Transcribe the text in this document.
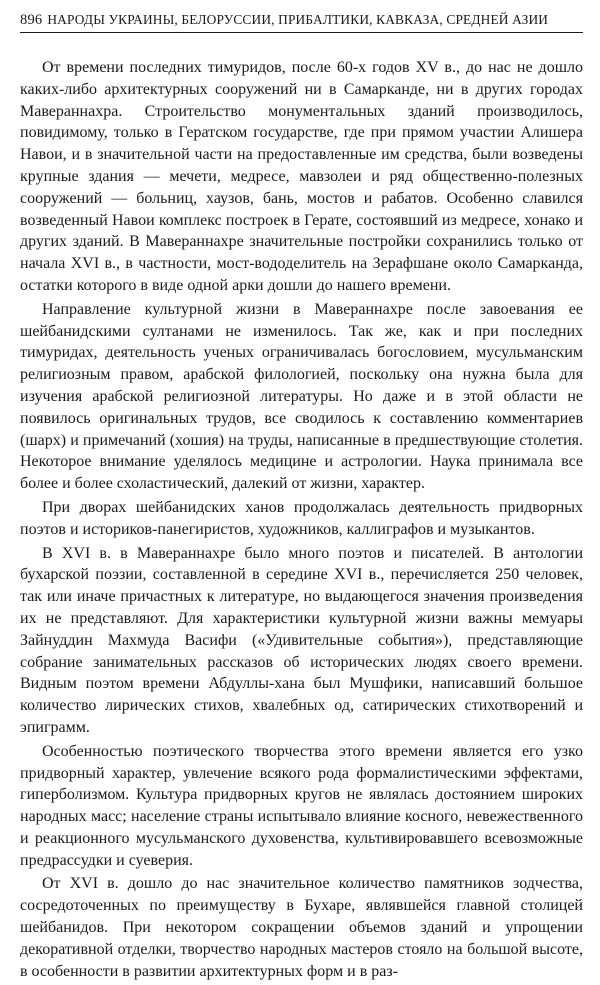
896 НАРОДЫ УКРАИНЫ, БЕЛОРУССИИ, ПРИБАЛТИКИ, КАВКАЗА, СРЕДНЕЙ АЗИИ

От времени последних тимуридов, после 60-х годов XV в., до нас не дошло каких-либо архитектурных сооружений ни в Самарканде, ни в других городах Мавераннахра. Строительство монументальных зданий производилось, повидимому, только в Гератском государстве, где при прямом участии Алишера Навои, и в значительной части на предоставленные им средства, были возведены крупные здания — мечети, медресе, мавзолеи и ряд общественно-полезных сооружений — больниц, хаузов, бань, мостов и рабатов. Особенно славился возведенный Навои комплекс построек в Герате, состоявший из медресе, хонако и других зданий. В Мавераннахре значительные постройки сохранились только от начала XVI в., в частности, мост-вододелитель на Зерафшане около Самарканда, остатки которого в виде одной арки дошли до нашего времени.

Направление культурной жизни в Мавераннахре после завоевания ее шейбанидскими султанами не изменилось. Так же, как и при последних тимуридах, деятельность ученых ограничивалась богословием, мусульманским религиозным правом, арабской филологией, поскольку она нужна была для изучения арабской религиозной литературы. Но даже и в этой области не появилось оригинальных трудов, все сводилось к составлению комментариев (шарх) и примечаний (хошия) на труды, написанные в предшествующие столетия. Некоторое внимание уделялось медицине и астрологии. Наука принимала все более и более схоластический, далекий от жизни, характер.

При дворах шейбанидских ханов продолжалась деятельность придворных поэтов и историков-панегиристов, художников, каллиграфов и музыкантов.

В XVI в. в Мавераннахре было много поэтов и писателей. В антологии бухарской поэзии, составленной в середине XVI в., перечисляется 250 человек, так или иначе причастных к литературе, но выдающегося значения произведения их не представляют. Для характеристики культурной жизни важны мемуары Зайнуддин Махмуда Васифи («Удивительные события»), представляющие собрание занимательных рассказов об исторических людях своего времени. Видным поэтом времени Абдуллы-хана был Мушфики, написавший большое количество лирических стихов, хвалебных од, сатирических стихотворений и эпиграмм.

Особенностью поэтического творчества этого времени является его узко придворный характер, увлечение всякого рода формалистическими эффектами, гиперболизмом. Культура придворных кругов не являлась достоянием широких народных масс; население страны испытывало влияние косного, невежественного и реакционного мусульманского духовенства, культивировавшего всевозможные предрассудки и суеверия.

От XVI в. дошло до нас значительное количество памятников зодчества, сосредоточенных по преимуществу в Бухаре, являвшейся главной столицей шейбанидов. При некотором сокращении объемов зданий и упрощении декоративной отделки, творчество народных мастеров стояло на большой высоте, в особенности в развитии архитектурных форм и в раз-
